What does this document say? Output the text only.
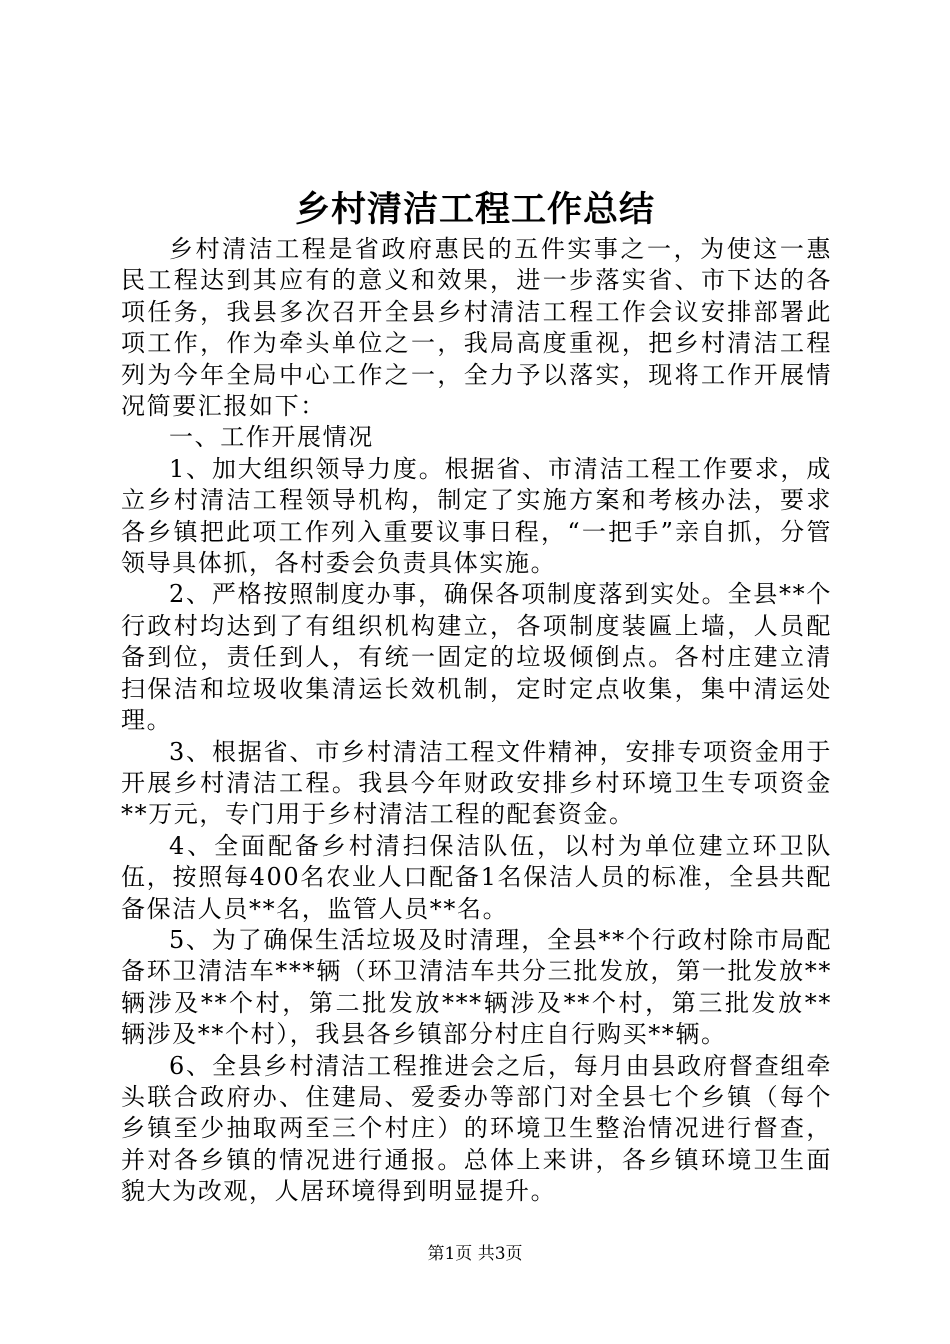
乡村清洁工程工作总结

乡村清洁工程是省政府惠民的五件实事之一，为使这一惠民工程达到其应有的意义和效果，进一步落实省、市下达的各项任务，我县多次召开全县乡村清洁工程工作会议安排部署此项工作，作为牵头单位之一，我局高度重视，把乡村清洁工程列为今年全局中心工作之一，全力予以落实，现将工作开展情况简要汇报如下：

一、工作开展情况

1、加大组织领导力度。根据省、市清洁工程工作要求，成立乡村清洁工程领导机构，制定了实施方案和考核办法，要求各乡镇把此项工作列入重要议事日程，“一把手”亲自抓，分管领导具体抓，各村委会负责具体实施。

2、严格按照制度办事，确保各项制度落到实处。全县**个行政村均达到了有组织机构建立，各项制度装匾上墙，人员配备到位，责任到人，有统一固定的垃圾倾倒点。各村庄建立清扫保洁和垃圾收集清运长效机制，定时定点收集，集中清运处理。

3、根据省、市乡村清洁工程文件精神，安排专项资金用于开展乡村清洁工程。我县今年财政安排乡村环境卫生专项资金**万元，专门用于乡村清洁工程的配套资金。

4、全面配备乡村清扫保洁队伍，以村为单位建立环卫队伍，按照每400名农业人口配备1名保洁人员的标准，全县共配备保洁人员**名，监管人员**名。

5、为了确保生活垃圾及时清理，全县**个行政村除市局配备环卫清洁车***辆（环卫清洁车共分三批发放，第一批发放**辆涉及**个村，第二批发放***辆涉及**个村，第三批发放**辆涉及**个村），我县各乡镇部分村庄自行购买**辆。

6、全县乡村清洁工程推进会之后，每月由县政府督查组牵头联合政府办、住建局、爱委办等部门对全县七个乡镇（每个乡镇至少抽取两至三个村庄）的环境卫生整治情况进行督查，并对各乡镇的情况进行通报。总体上来讲，各乡镇环境卫生面貌大为改观，人居环境得到明显提升。

第1页 共3页
